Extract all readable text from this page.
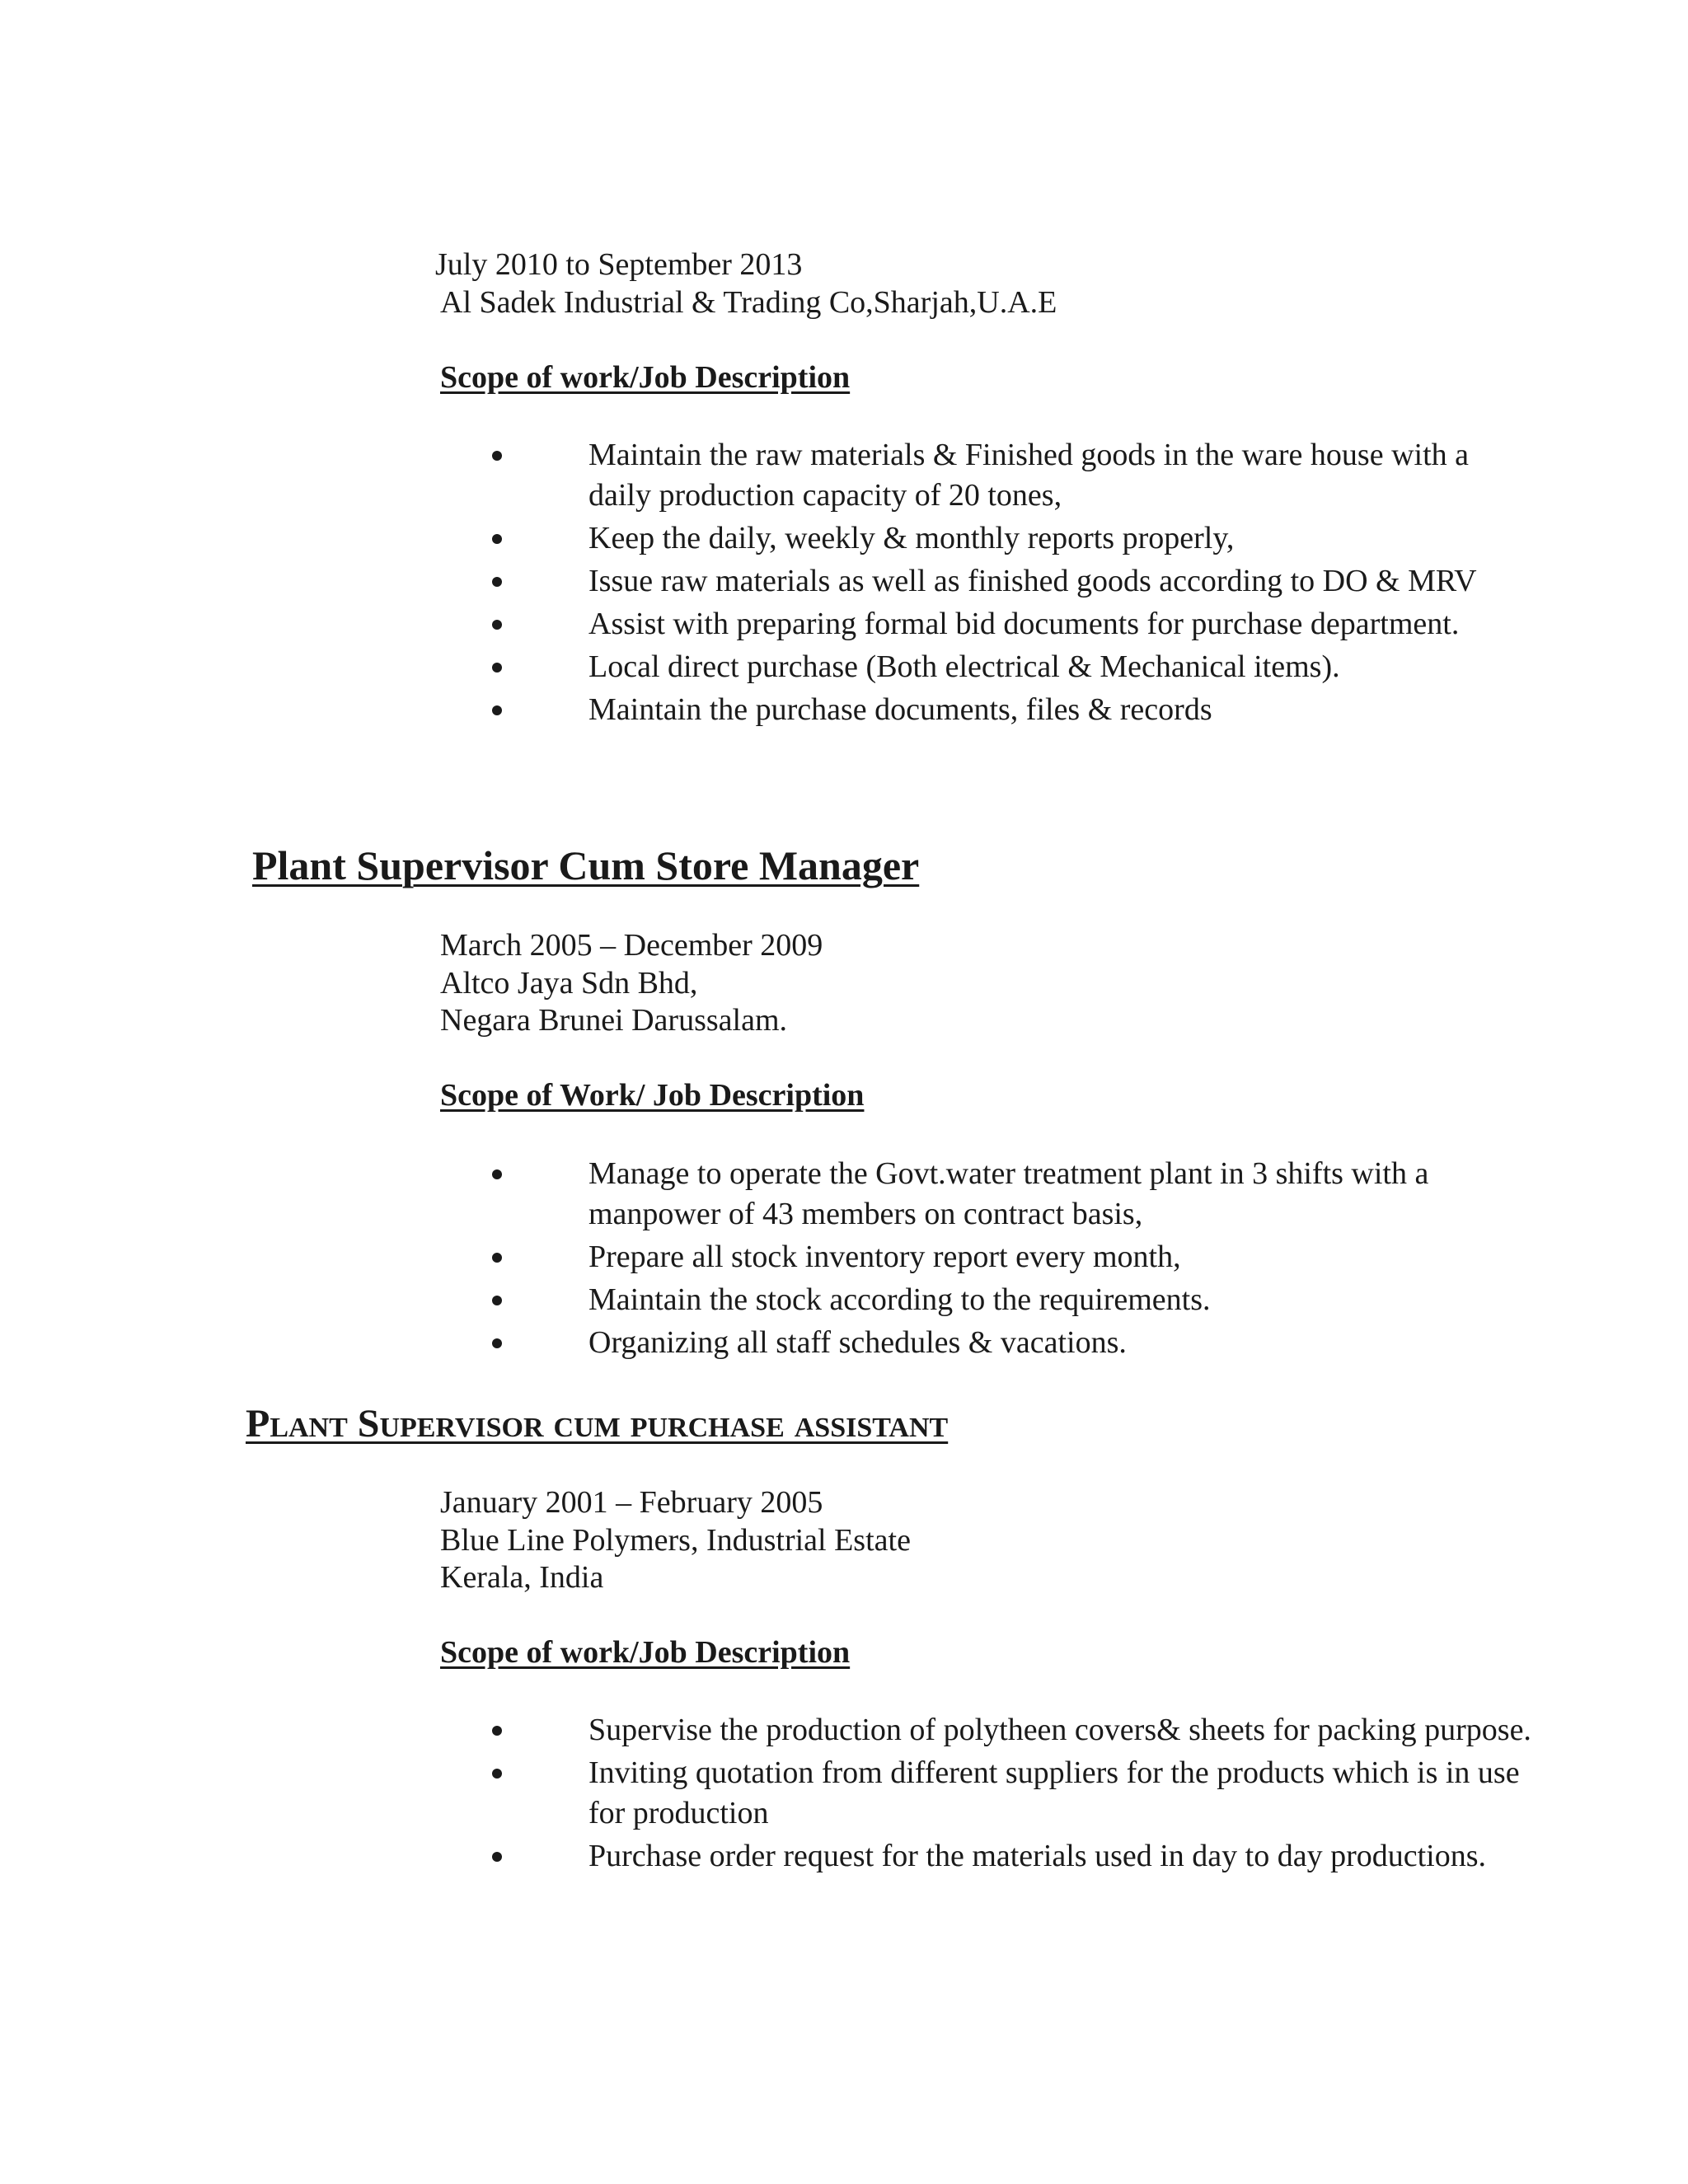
July 2010 to September 2013
Al Sadek Industrial & Trading Co,Sharjah,U.A.E
Scope of work/Job Description
Maintain the raw materials & Finished goods in the ware house with a daily production capacity of 20 tones,
Keep the daily, weekly & monthly reports properly,
Issue raw materials as well as finished goods according to DO & MRV
Assist with preparing formal bid documents for purchase department.
Local direct purchase (Both electrical & Mechanical items).
Maintain the purchase documents, files & records
Plant Supervisor Cum Store Manager
March 2005 – December 2009
Altco Jaya Sdn Bhd,
Negara Brunei Darussalam.
Scope of Work/ Job Description
Manage to operate the Govt.water treatment plant in 3 shifts with a manpower of 43 members on contract basis,
Prepare all stock inventory report every month,
Maintain the stock according to the requirements.
Organizing all staff schedules & vacations.
Plant Supervisor cum purchase assistant
January 2001 – February 2005
Blue Line Polymers, Industrial Estate
Kerala, India
Scope of work/Job Description
Supervise the production of polytheen covers& sheets for packing purpose.
Inviting quotation from different suppliers for the products which is in use for production
Purchase order request for the materials used in day to day productions.
